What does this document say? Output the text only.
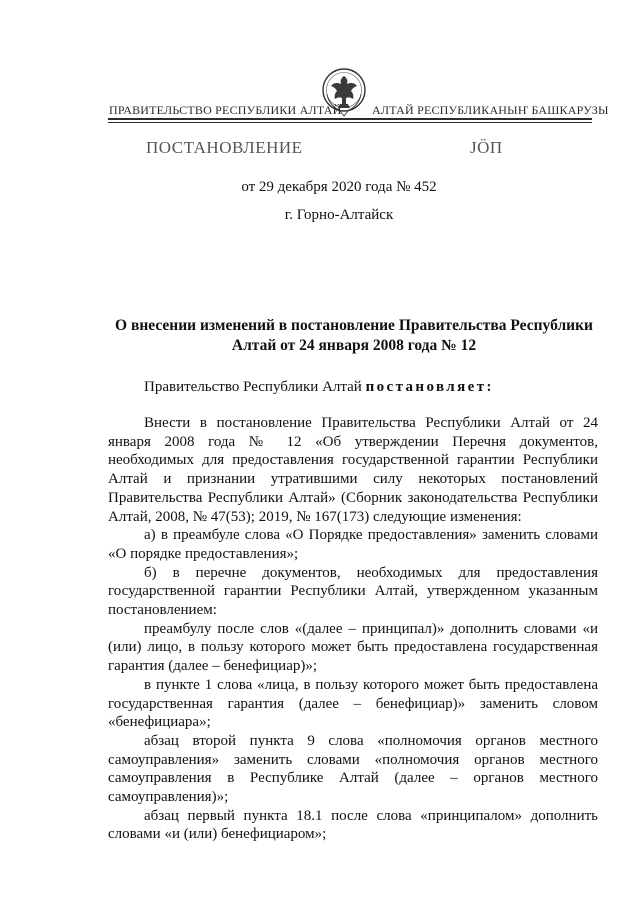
ПРАВИТЕЛЬСТВО РЕСПУБЛИКИ АЛТАЙ	АЛТАЙ РЕСПУБЛИКАНЫҤ БАШКАРУЗЫ
ПОСТАНОВЛЕНИЕ	JӦП
от 29 декабря 2020 года № 452
г. Горно-Алтайск
О внесении изменений в постановление Правительства Республики Алтай от 24 января 2008 года № 12
Правительство Республики Алтай постановляет:

Внести в постановление Правительства Республики Алтай от 24 января 2008 года № 12 «Об утверждении Перечня документов, необходимых для предоставления государственной гарантии Республики Алтай и признании утратившими силу некоторых постановлений Правительства Республики Алтай» (Сборник законодательства Республики Алтай, 2008, № 47(53); 2019, № 167(173) следующие изменения:

а) в преамбуле слова «О Порядке предоставления» заменить словами «О порядке предоставления»;

б) в перечне документов, необходимых для предоставления государственной гарантии Республики Алтай, утвержденном указанным постановлением:

преамбулу после слов «(далее – принципал)» дополнить словами «и (или) лицо, в пользу которого может быть предоставлена государственная гарантия (далее – бенефициар)»;

в пункте 1 слова «лица, в пользу которого может быть предоставлена государственная гарантия (далее – бенефициар)» заменить словом «бенефициара»;

абзац второй пункта 9 слова «полномочия органов местного самоуправления» заменить словами «полномочия органов местного самоуправления в Республике Алтай (далее – органов местного самоуправления)»;

абзац первый пункта 18.1 после слова «принципалом» дополнить словами «и (или) бенефициаром»;
